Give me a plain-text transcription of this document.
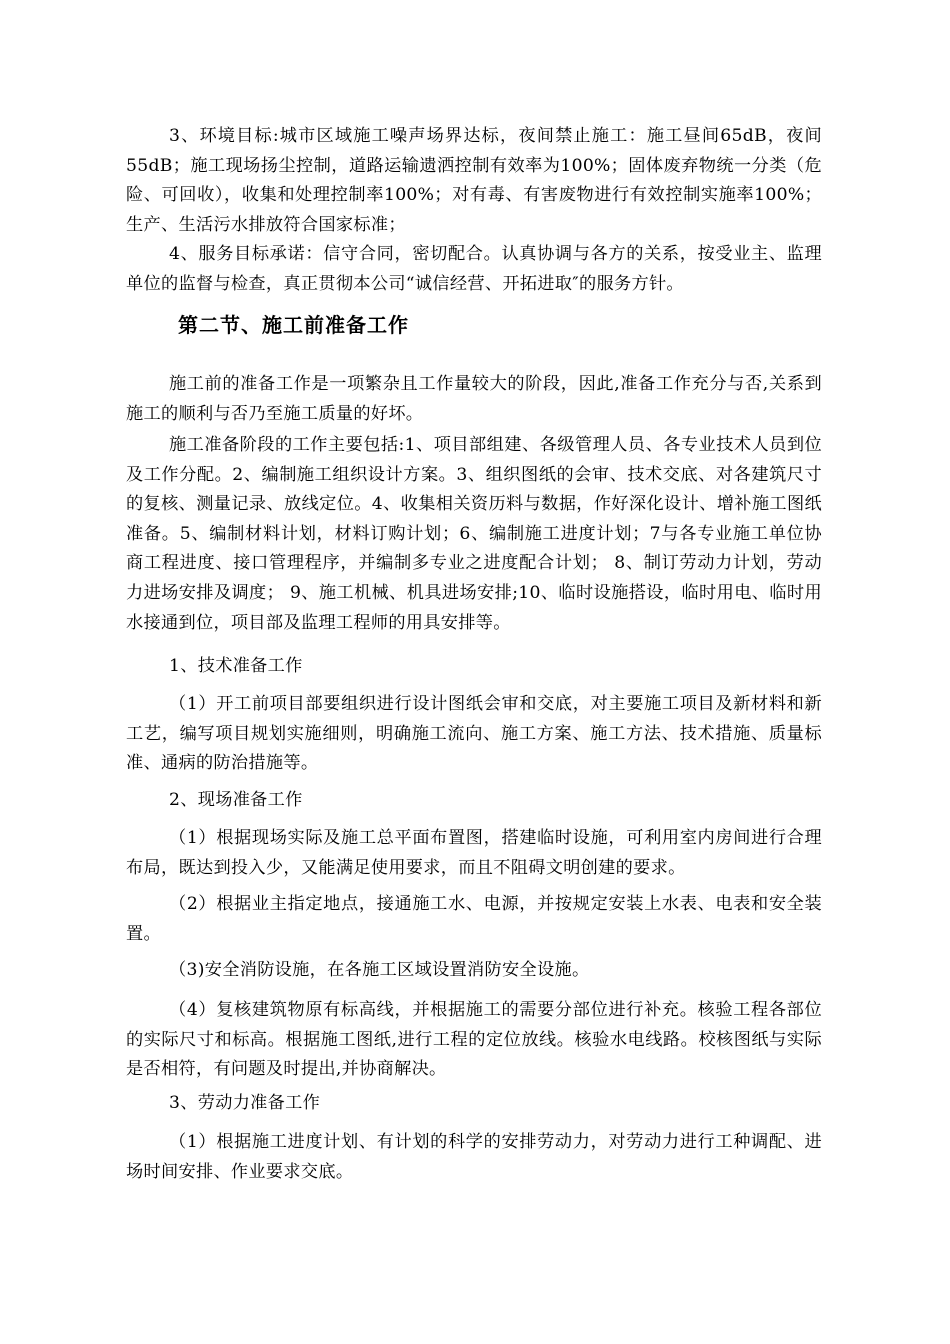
3、环境目标:城市区域施工噪声场界达标，夜间禁止施工：施工昼间65dB，夜间55dB；施工现场扬尘控制，道路运输遗洒控制有效率为100%；固体废弃物统一分类（危险、可回收），收集和处理控制率100%；对有毒、有害废物进行有效控制实施率100%；生产、生活污水排放符合国家标准；

4、服务目标承诺：信守合同，密切配合。认真协调与各方的关系，按受业主、监理单位的监督与检查，真正贯彻本公司“诚信经营、开拓进取″的服务方针。

第二节、施工前准备工作

施工前的准备工作是一项繁杂且工作量较大的阶段，因此,准备工作充分与否,关系到施工的顺利与否乃至施工质量的好坏。

施工准备阶段的工作主要包括:1、项目部组建、各级管理人员、各专业技术人员到位及工作分配。2、编制施工组织设计方案。3、组织图纸的会审、技术交底、对各建筑尺寸的复核、测量记录、放线定位。4、收集相关资历料与数据，作好深化设计、增补施工图纸准备。5、编制材料计划，材料订购计划；6、编制施工进度计划；7与各专业施工单位协商工程进度、接口管理程序，并编制多专业之进度配合计划； 8、制订劳动力计划，劳动力进场安排及调度； 9、施工机械、机具进场安排;10、临时设施搭设，临时用电、临时用水接通到位，项目部及监理工程师的用具安排等。

1、技术准备工作

（1）开工前项目部要组织进行设计图纸会审和交底，对主要施工项目及新材料和新工艺，编写项目规划实施细则，明确施工流向、施工方案、施工方法、技术措施、质量标准、通病的防治措施等。

2、现场准备工作

（1）根据现场实际及施工总平面布置图，搭建临时设施，可利用室内房间进行合理布局，既达到投入少，又能满足使用要求，而且不阻碍文明创建的要求。

（2）根据业主指定地点，接通施工水、电源，并按规定安装上水表、电表和安全装置。

（3)安全消防设施，在各施工区域设置消防安全设施。

（4）复核建筑物原有标高线，并根据施工的需要分部位进行补充。核验工程各部位的实际尺寸和标高。根据施工图纸,进行工程的定位放线。核验水电线路。校核图纸与实际是否相符，有问题及时提出,并协商解决。

3、劳动力准备工作

（1）根据施工进度计划、有计划的科学的安排劳动力，对劳动力进行工种调配、进场时间安排、作业要求交底。
